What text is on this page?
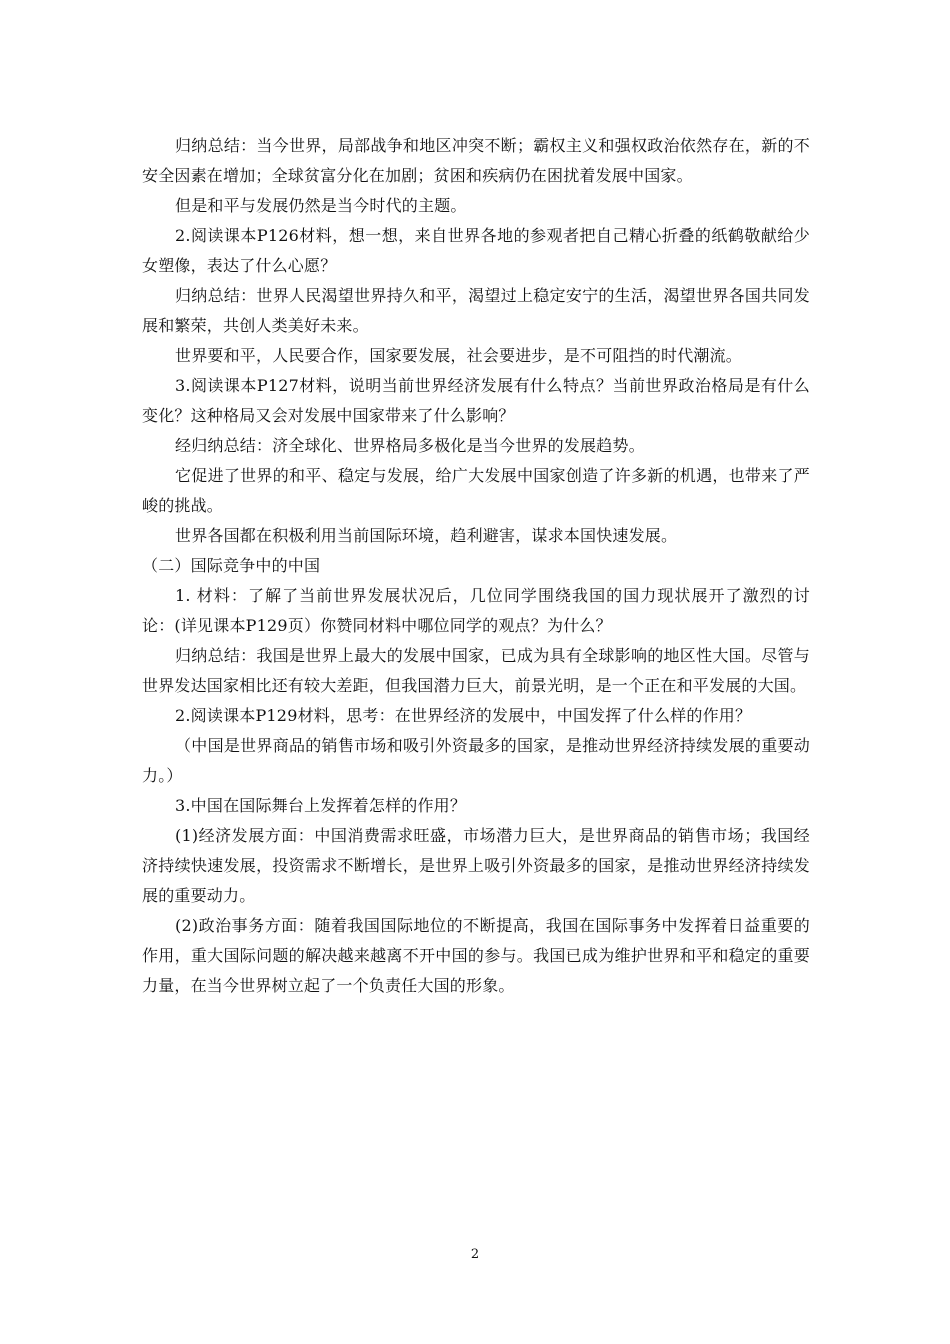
归纳总结：当今世界，局部战争和地区冲突不断；霸权主义和强权政治依然存在，新的不安全因素在增加；全球贫富分化在加剧；贫困和疾病仍在困扰着发展中国家。

但是和平与发展仍然是当今时代的主题。

2.阅读课本P126材料，想一想，来自世界各地的参观者把自己精心折叠的纸鹤敬献给少女塑像，表达了什么心愿？

归纳总结：世界人民渴望世界持久和平，渴望过上稳定安宁的生活，渴望世界各国共同发展和繁荣，共创人类美好未来。

世界要和平，人民要合作，国家要发展，社会要进步，是不可阻挡的时代潮流。

3.阅读课本P127材料，说明当前世界经济发展有什么特点？当前世界政治格局是有什么变化？这种格局又会对发展中国家带来了什么影响？

经归纳总结：济全球化、世界格局多极化是当今世界的发展趋势。

它促进了世界的和平、稳定与发展，给广大发展中国家创造了许多新的机遇，也带来了严峻的挑战。

世界各国都在积极利用当前国际环境，趋利避害，谋求本国快速发展。

（二）国际竞争中的中国

1. 材料：了解了当前世界发展状况后，几位同学围绕我国的国力现状展开了激烈的讨论：(详见课本P129页）你赞同材料中哪位同学的观点？为什么？

归纳总结：我国是世界上最大的发展中国家，已成为具有全球影响的地区性大国。尽管与世界发达国家相比还有较大差距，但我国潜力巨大，前景光明，是一个正在和平发展的大国。

2.阅读课本P129材料，思考：在世界经济的发展中，中国发挥了什么样的作用？

（中国是世界商品的销售市场和吸引外资最多的国家，是推动世界经济持续发展的重要动力。）

3.中国在国际舞台上发挥着怎样的作用？

(1)经济发展方面：中国消费需求旺盛，市场潜力巨大，是世界商品的销售市场；我国经济持续快速发展，投资需求不断增长，是世界上吸引外资最多的国家，是推动世界经济持续发展的重要动力。

(2)政治事务方面：随着我国国际地位的不断提高，我国在国际事务中发挥着日益重要的作用，重大国际问题的解决越来越离不开中国的参与。我国已成为维护世界和平和稳定的重要力量，在当今世界树立起了一个负责任大国的形象。

2
